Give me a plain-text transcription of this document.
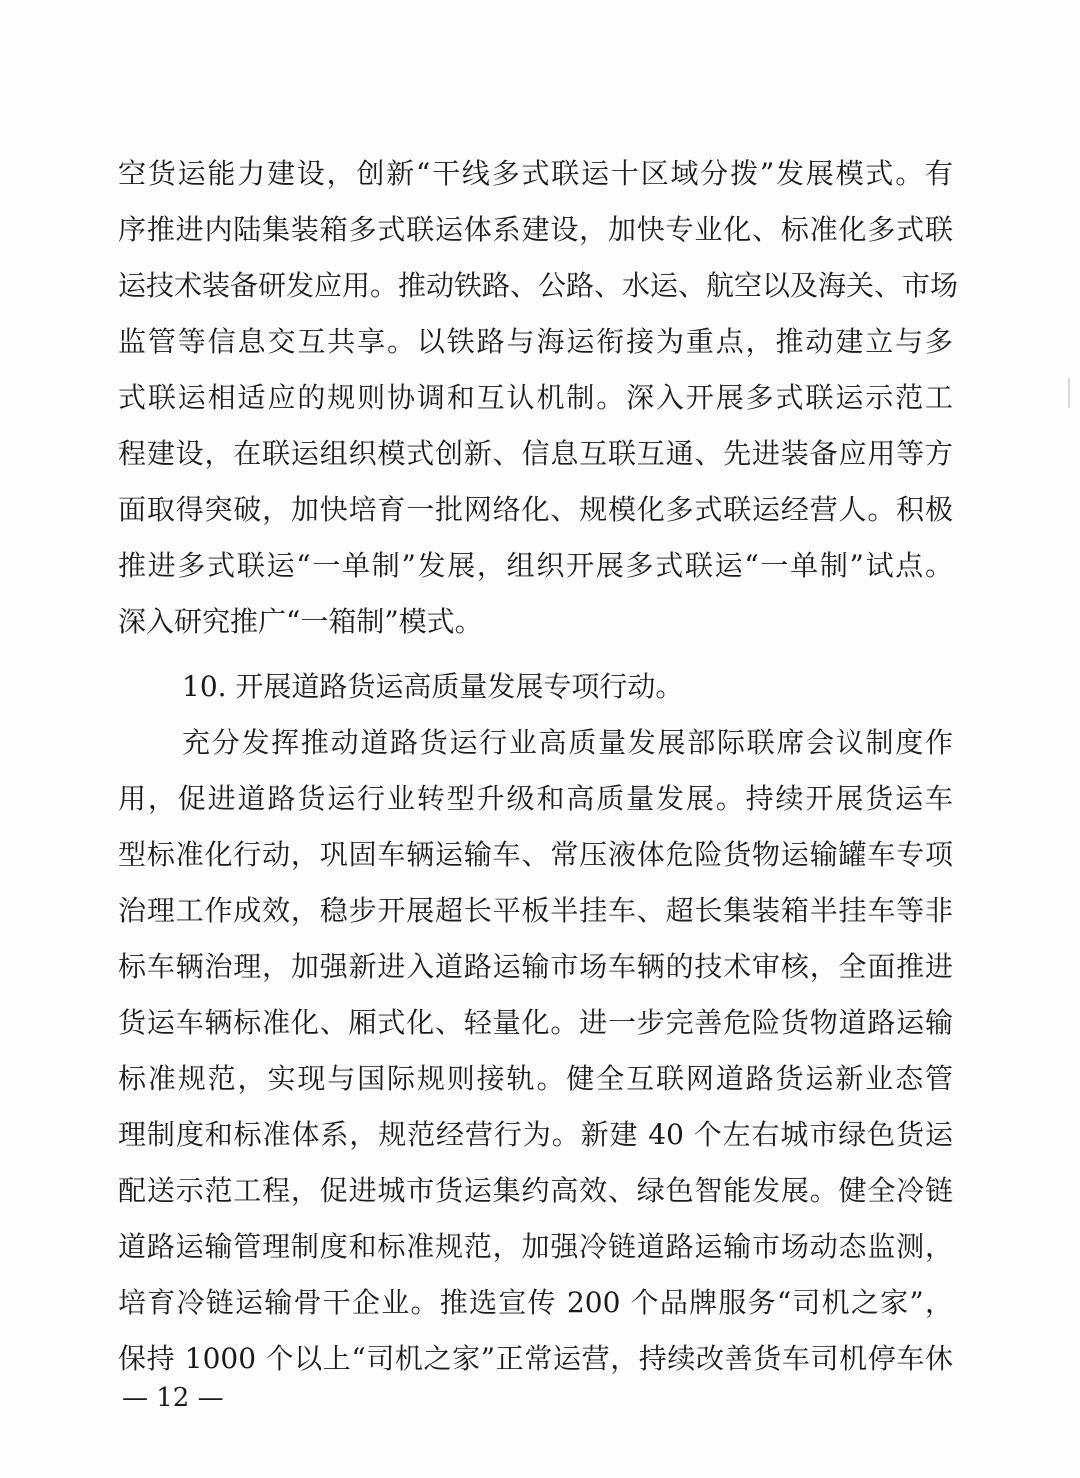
空货运能力建设，创新“干线多式联运十区域分拨”发展模式。有
序推进内陆集装箱多式联运体系建设，加快专业化、标准化多式联
运技术装备研发应用。推动铁路、公路、水运、航空以及海关、市场
监管等信息交互共享。以铁路与海运衔接为重点，推动建立与多
式联运相适应的规则协调和互认机制。深入开展多式联运示范工
程建设，在联运组织模式创新、信息互联互通、先进装备应用等方
面取得突破，加快培育一批网络化、规模化多式联运经营人。积极
推进多式联运“一单制”发展，组织开展多式联运“一单制”试点。
深入研究推广“一箱制”模式。
10. 开展道路货运高质量发展专项行动。
充分发挥推动道路货运行业高质量发展部际联席会议制度作
用，促进道路货运行业转型升级和高质量发展。持续开展货运车
型标准化行动，巩固车辆运输车、常压液体危险货物运输罐车专项
治理工作成效，稳步开展超长平板半挂车、超长集装箱半挂车等非
标车辆治理，加强新进入道路运输市场车辆的技术审核，全面推进
货运车辆标准化、厢式化、轻量化。进一步完善危险货物道路运输
标准规范，实现与国际规则接轨。健全互联网道路货运新业态管
理制度和标准体系，规范经营行为。新建 40 个左右城市绿色货运
配送示范工程，促进城市货运集约高效、绿色智能发展。健全冷链
道路运输管理制度和标准规范，加强冷链道路运输市场动态监测，
培育冷链运输骨干企业。推选宣传 200 个品牌服务“司机之家”，
保持 1000 个以上“司机之家”正常运营，持续改善货车司机停车休
— 12 —
